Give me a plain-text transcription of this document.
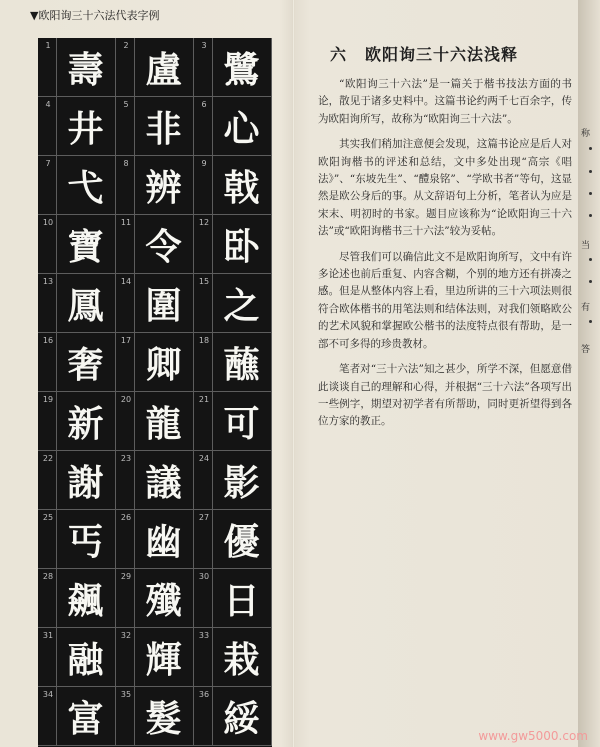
▼欧阳询三十六法代表字例
1
壽
2
盧
3
鷺
4
井
5
非
6
心
7
弋
8
辨
9
戟
10
寶
11
令
12
卧
13
鳳
14
圍
15
之
16
奢
17
卿
18
蘸
19
新
20
龍
21
可
22
謝
23
議
24
影
25
丐
26
幽
27
優
28
飆
29
殲
30
日
31
融
32
輝
33
栽
34
富
35
髮
36
綏
六 欧阳询三十六法浅释

“欧阳询三十六法”是一篇关于楷书技法方面的书论，散见于诸多史料中。这篇书论约两千七百余字，传为欧阳询所写，故称为“欧阳询三十六法”。

其实我们稍加注意便会发现，这篇书论应是后人对欧阳询楷书的评述和总结，文中多处出现“高宗《唱法》”、“东坡先生”、“醴泉铭”、“学欧书者”等句，这显然是欧公身后的事。从文辞语句上分析，笔者认为应是宋末、明初时的书家。题目应该称为“论欧阳询三十六法”或“欧阳询楷书三十六法”较为妥帖。

尽管我们可以确信此文不是欧阳询所写，文中有许多论述也前后重复、内容含糊，个别的地方还有拼凑之感。但是从整体内容上看，里边所讲的三十六项法则很符合欧体楷书的用笔法则和结体法则，对我们领略欧公的艺术风貌和掌握欧公楷书的法度特点很有帮助，是一部不可多得的珍贵教材。

笔者对“三十六法”知之甚少，所学不深，但愿意借此谈谈自己的理解和心得，并根据“三十六法”各项写出一些例字，期望对初学者有所帮助，同时更祈望得到各位方家的教正。

称
当
有
答
www.gw5000.com
